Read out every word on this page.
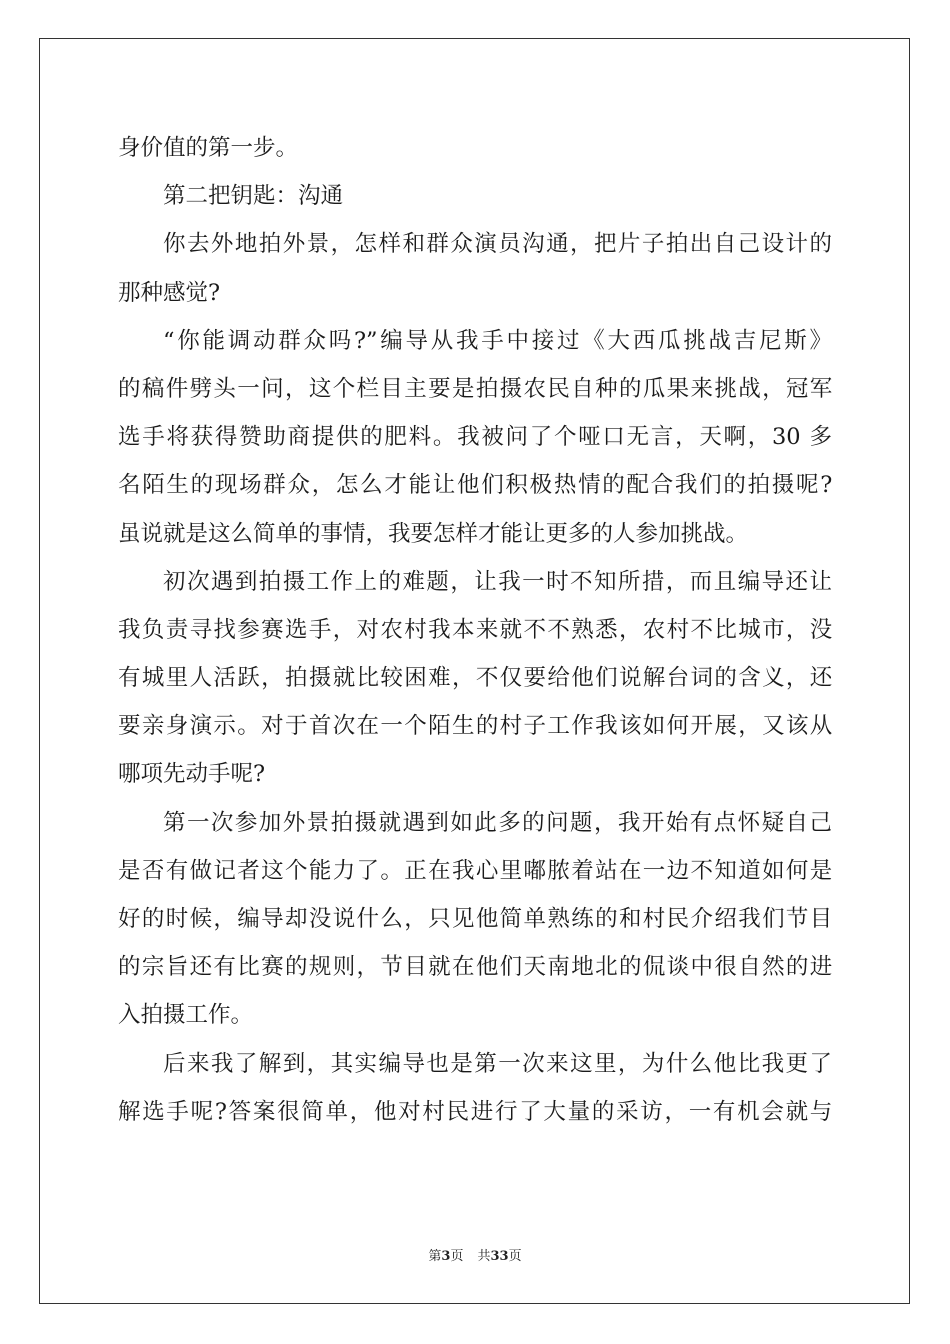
身价值的第一步。
第二把钥匙：沟通
你去外地拍外景，怎样和群众演员沟通，把片子拍出自己设计的
那种感觉?
“你能调动群众吗?”编导从我手中接过《大西瓜挑战吉尼斯》
的稿件劈头一问，这个栏目主要是拍摄农民自种的瓜果来挑战，冠军
选手将获得赞助商提供的肥料。我被问了个哑口无言，天啊，30 多
名陌生的现场群众，怎么才能让他们积极热情的配合我们的拍摄呢?
虽说就是这么简单的事情，我要怎样才能让更多的人参加挑战。
初次遇到拍摄工作上的难题，让我一时不知所措，而且编导还让
我负责寻找参赛选手，对农村我本来就不不熟悉，农村不比城市，没
有城里人活跃，拍摄就比较困难，不仅要给他们说解台词的含义，还
要亲身演示。对于首次在一个陌生的村子工作我该如何开展，又该从
哪项先动手呢?
第一次参加外景拍摄就遇到如此多的问题，我开始有点怀疑自己
是否有做记者这个能力了。正在我心里嘟脓着站在一边不知道如何是
好的时候，编导却没说什么，只见他简单熟练的和村民介绍我们节目
的宗旨还有比赛的规则，节目就在他们天南地北的侃谈中很自然的进
入拍摄工作。
后来我了解到，其实编导也是第一次来这里，为什么他比我更了
解选手呢?答案很简单，他对村民进行了大量的采访，一有机会就与
第3页 共33页
